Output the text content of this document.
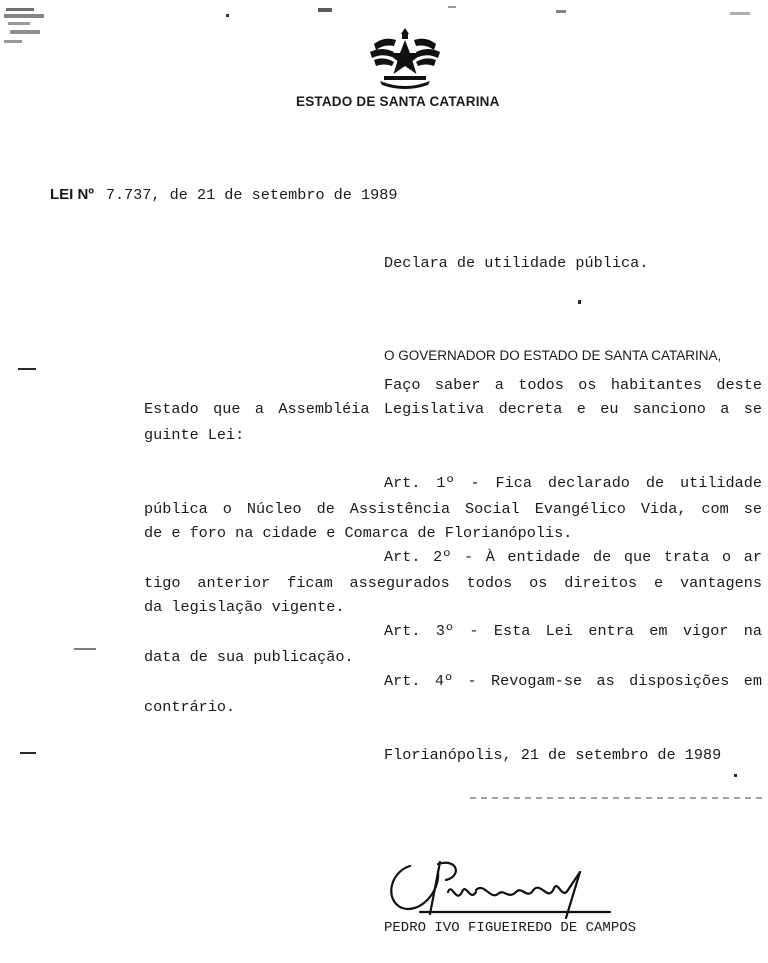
ESTADO DE SANTA CATARINA
LEI Nº 7.737, de 21 de setembro de 1989
Declara de utilidade pública.
O GOVERNADOR DO ESTADO DE SANTA CATARINA,
Faço saber a todos os habitantes deste
Estado que a Assembléia Legislativa decreta e eu sanciono a se
guinte Lei:
Art. 1º - Fica declarado de utilidade
pública o Núcleo de Assistência Social Evangélico Vida, com se
de e foro na cidade e Comarca de Florianópolis.
Art. 2º - À entidade de que trata o ar
tigo anterior ficam assegurados todos os direitos e vantagens
da legislação vigente.
Art. 3º - Esta Lei entra em vigor na
data de sua publicação.
Art. 4º - Revogam-se as disposições em
contrário.
Florianópolis, 21 de setembro de 1989
PEDRO IVO FIGUEIREDO DE CAMPOS
